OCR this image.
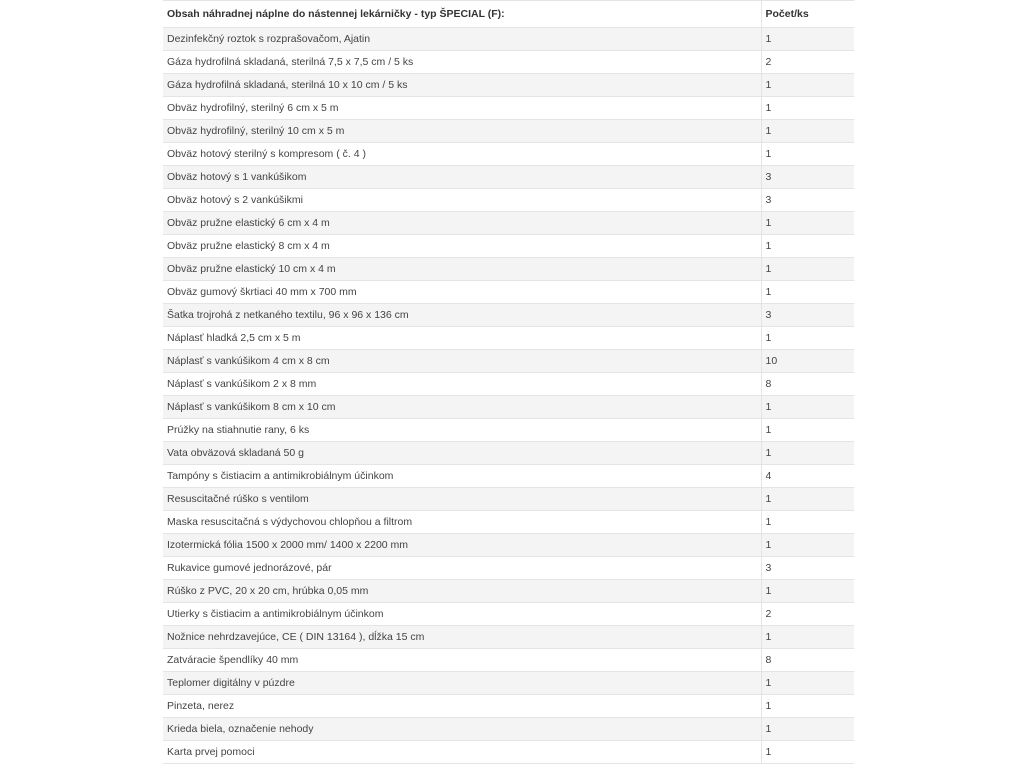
Obsah náhradnej náplne do nástennej lekárničky - typ ŠPECIAL (F):	Počet/ks
Dezinfekčný roztok s rozprašovačom, Ajatin	1
Gáza hydrofilná skladaná, sterilná 7,5 x 7,5 cm / 5 ks	2
Gáza hydrofilná skladaná, sterilná 10 x 10 cm / 5 ks	1
Obväz hydrofilný, sterilný 6 cm x 5 m	1
Obväz hydrofilný, sterilný 10 cm x 5 m	1
Obväz hotový sterilný s kompresom ( č. 4 )	1
Obväz hotový s 1 vankúšikom	3
Obväz hotový s 2 vankúšikmi	3
Obväz pružne elastický 6 cm x 4 m	1
Obväz pružne elastický 8 cm x 4 m	1
Obväz pružne elastický 10 cm x 4 m	1
Obväz gumový škrtiaci 40 mm x 700 mm	1
Šatka trojrohá z netkaného textilu, 96 x 96 x 136 cm	3
Náplasť hladká 2,5 cm x 5 m	1
Náplasť s vankúšikom 4 cm x 8 cm	10
Náplasť s vankúšikom 2 x 8 mm	8
Náplasť s vankúšikom 8 cm x 10 cm	1
Prúžky na stiahnutie rany, 6 ks	1
Vata obväzová skladaná 50 g	1
Tampóny s čistiacim a antimikrobiálnym účinkom	4
Resuscitačné rúško s ventilom	1
Maska resuscitačná s výdychovou chlopňou a filtrom	1
Izotermická fólia 1500 x 2000 mm/ 1400 x 2200 mm	1
Rukavice gumové jednorázové, pár	3
Rúško z PVC, 20 x 20 cm, hrúbka 0,05 mm	1
Utierky s čistiacim a antimikrobiálnym účinkom	2
Nožnice nehrdzavejúce, CE ( DIN 13164 ), dĺžka 15 cm	1
Zatváracie špendlíky 40 mm	8
Teplomer digitálny v púzdre	1
Pinzeta, nerez	1
Krieda biela, označenie nehody	1
Karta prvej pomoci	1
